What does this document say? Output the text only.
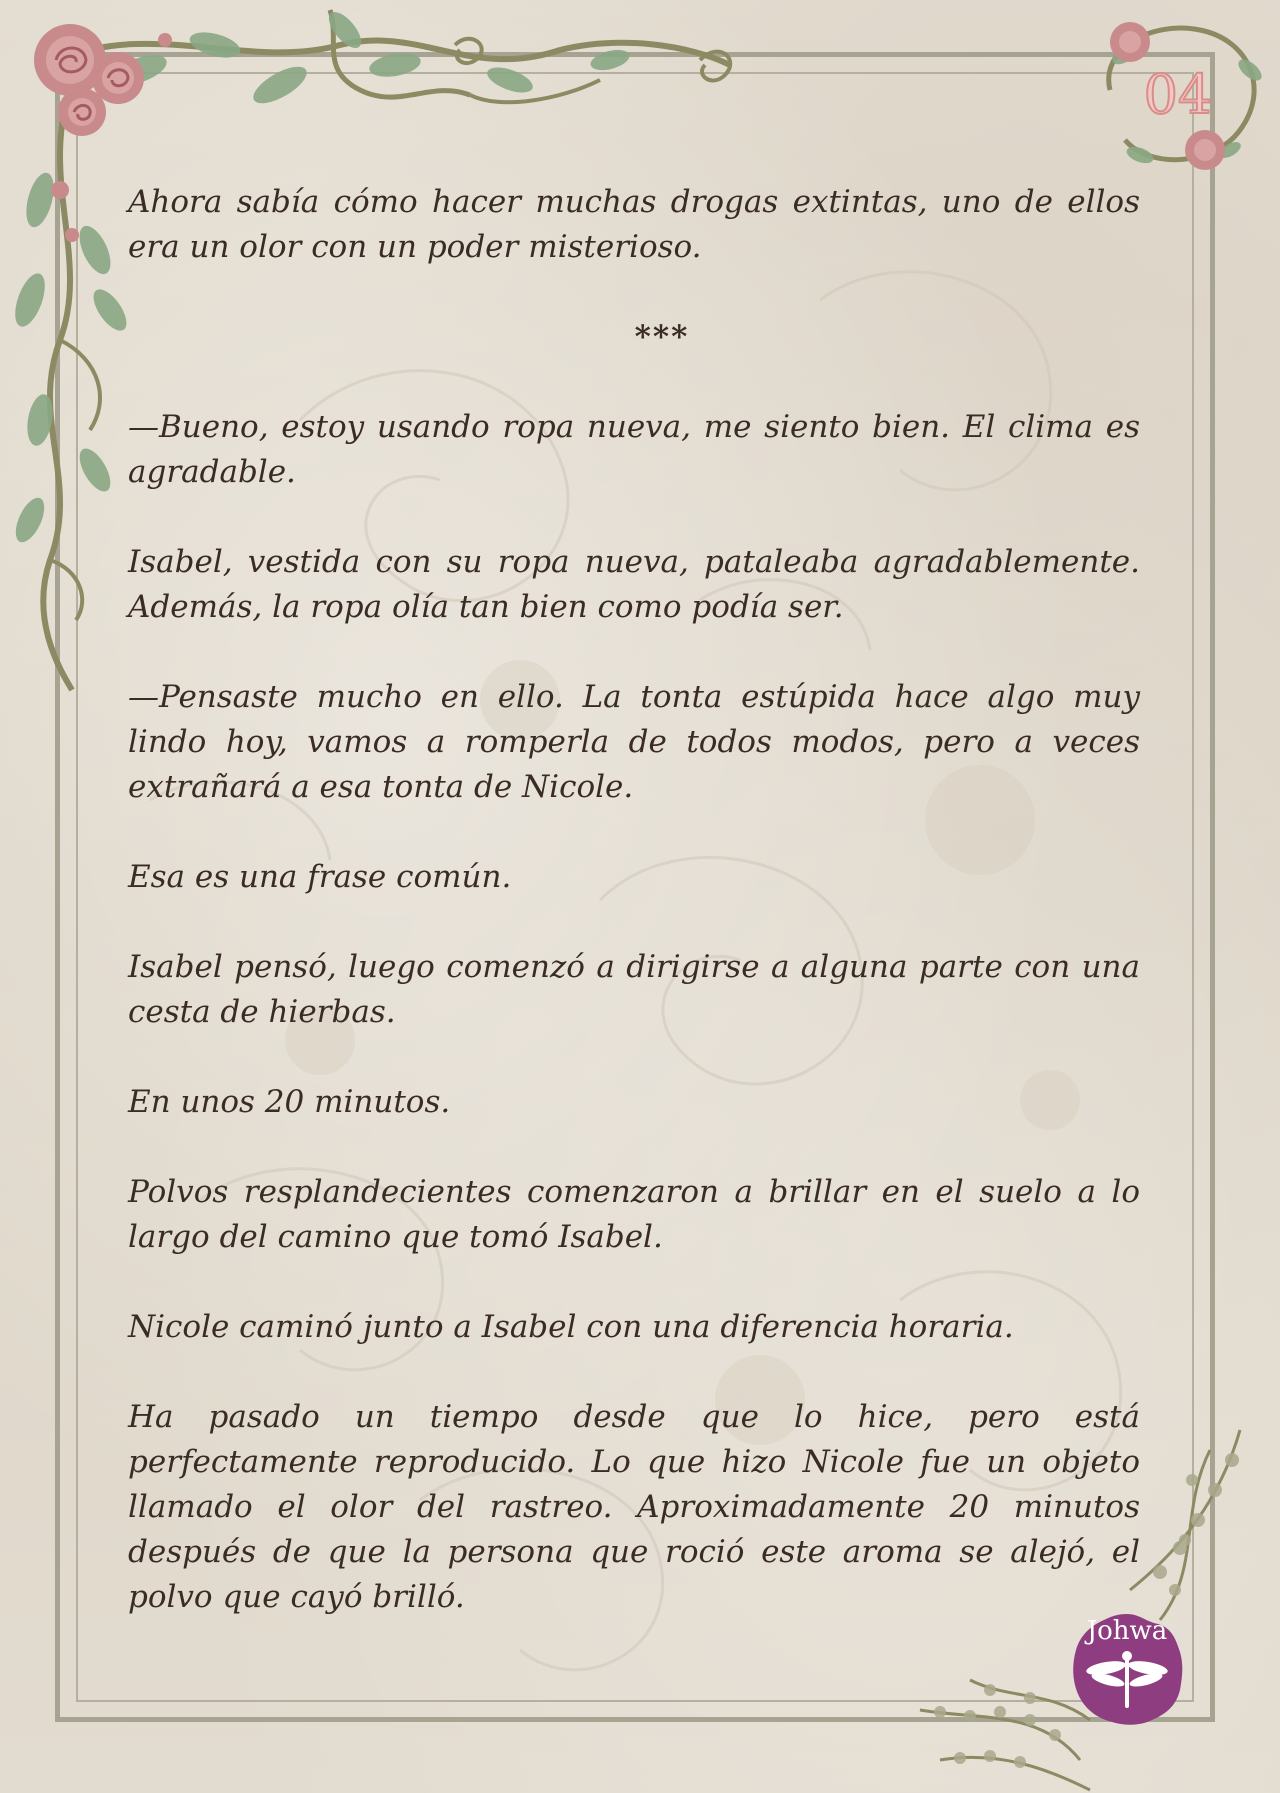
04
Johwa

Ahora sabía cómo hacer muchas drogas extintas, uno de ellos era un olor con un poder misterioso.

***

—Bueno, estoy usando ropa nueva, me siento bien. El clima es agradable.

Isabel, vestida con su ropa nueva, pataleaba agradablemente. Además, la ropa olía tan bien como podía ser.

—Pensaste mucho en ello. La tonta estúpida hace algo muy lindo hoy, vamos a romperla de todos modos, pero a veces extrañará a esa tonta de Nicole.

Esa es una frase común.

Isabel pensó, luego comenzó a dirigirse a alguna parte con una cesta de hierbas.

En unos 20 minutos.

Polvos resplandecientes comenzaron a brillar en el suelo a lo largo del camino que tomó Isabel.

Nicole caminó junto a Isabel con una diferencia horaria.

Ha pasado un tiempo desde que lo hice, pero está perfectamente reproducido. Lo que hizo Nicole fue un objeto llamado el olor del rastreo. Aproximadamente 20 minutos después de que la persona que roció este aroma se alejó, el polvo que cayó brilló.
